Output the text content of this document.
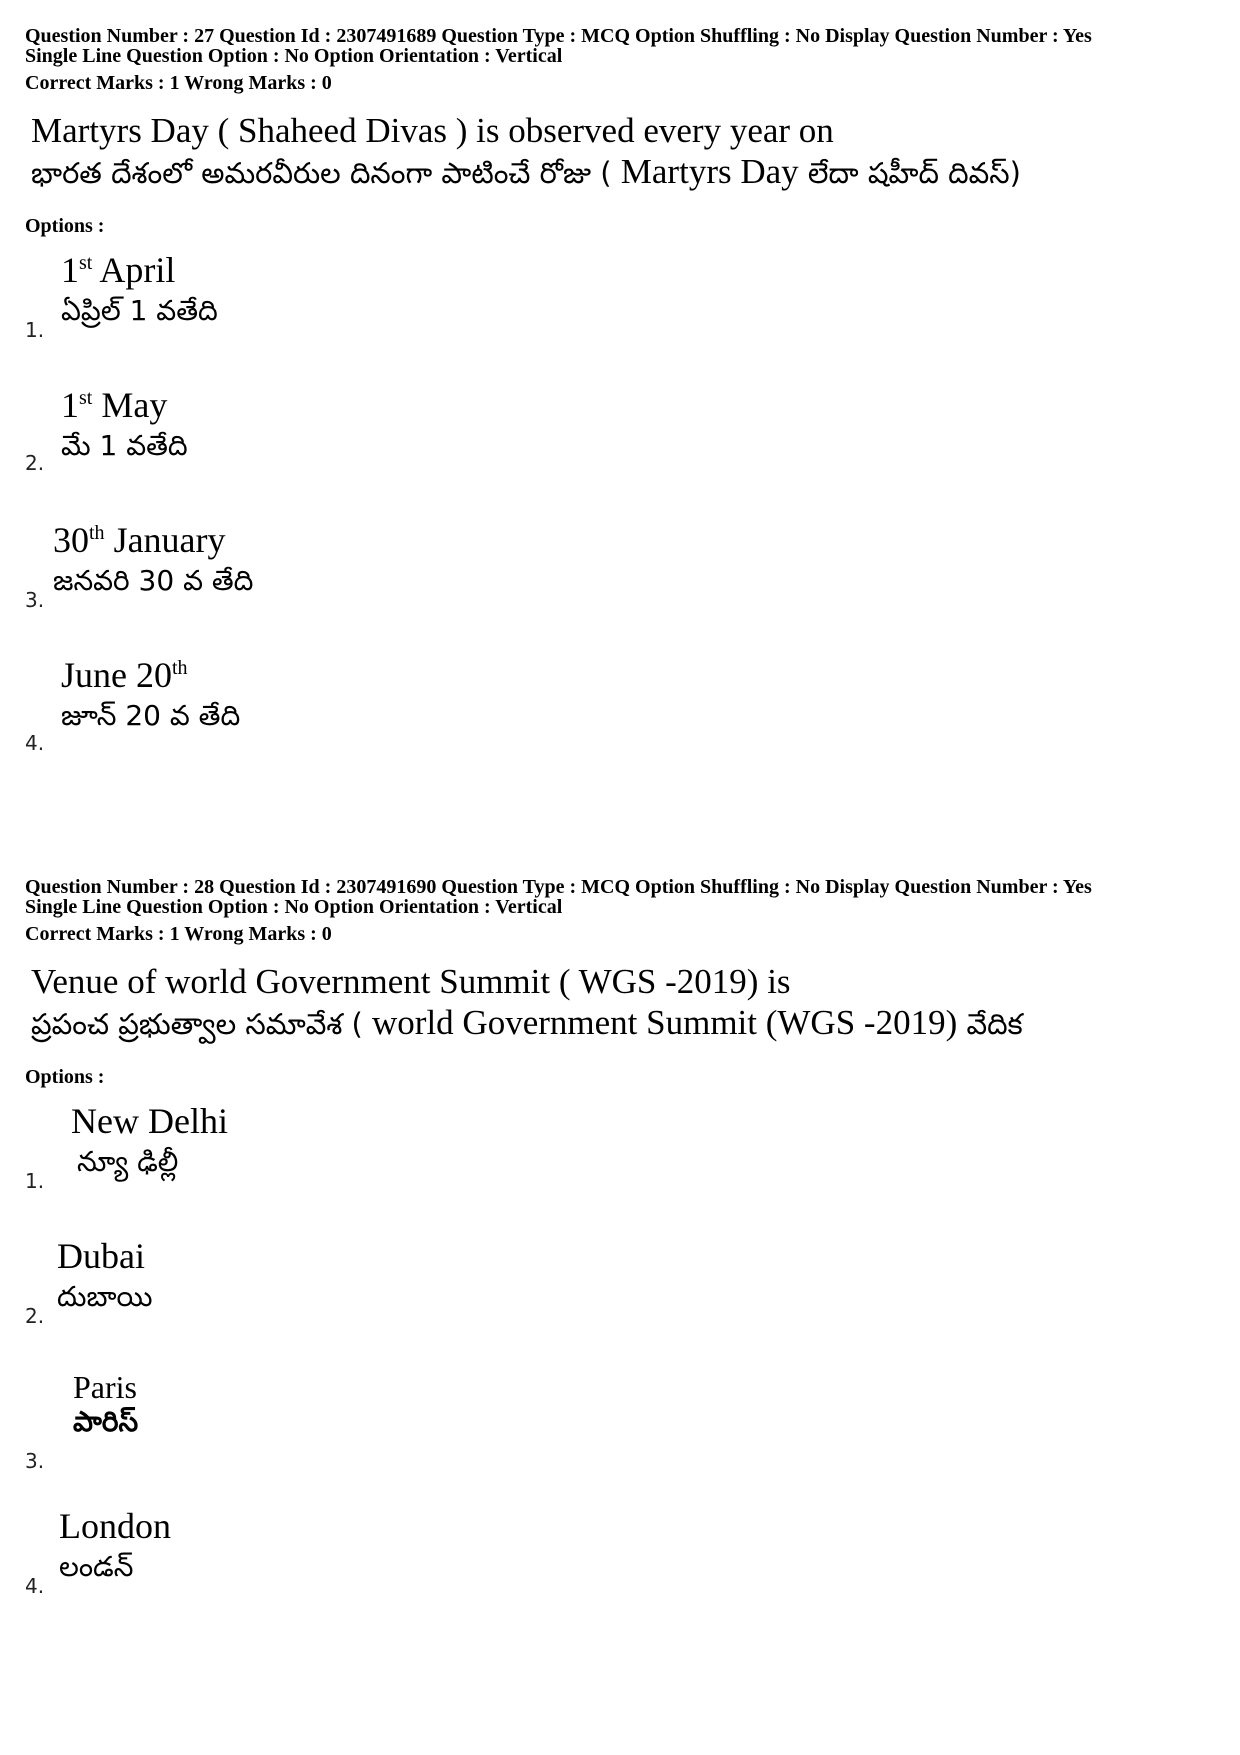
Question Number : 27 Question Id : 2307491689 Question Type : MCQ Option Shuffling : No Display Question Number : Yes
Single Line Question Option : No Option Orientation : Vertical
Correct Marks : 1 Wrong Marks : 0
Martyrs Day ( Shaheed Divas ) is observed every year on
భారత దేశంలో అమరవీరుల దినంగా పాటించే రోజు ( Martyrs Day లేదా షహీద్ దివస్)
Options :
1st April
ఏప్రిల్ 1 వతేది
1.
1st May
మే 1 వతేది
2.
30th January
జనవరి 30 వ తేది
3.
June 20th
జూన్ 20 వ తేది
4.
Question Number : 28 Question Id : 2307491690 Question Type : MCQ Option Shuffling : No Display Question Number : Yes
Single Line Question Option : No Option Orientation : Vertical
Correct Marks : 1 Wrong Marks : 0
Venue of world Government Summit ( WGS -2019) is
ప్రపంచ ప్రభుత్వాల సమావేశ ( world Government Summit (WGS -2019) వేదిక
Options :
New Delhi
న్యూ ఢిల్లీ
1.
Dubai
దుబాయి
2.
Paris
పారిస్
3.
London
లండన్
4.
